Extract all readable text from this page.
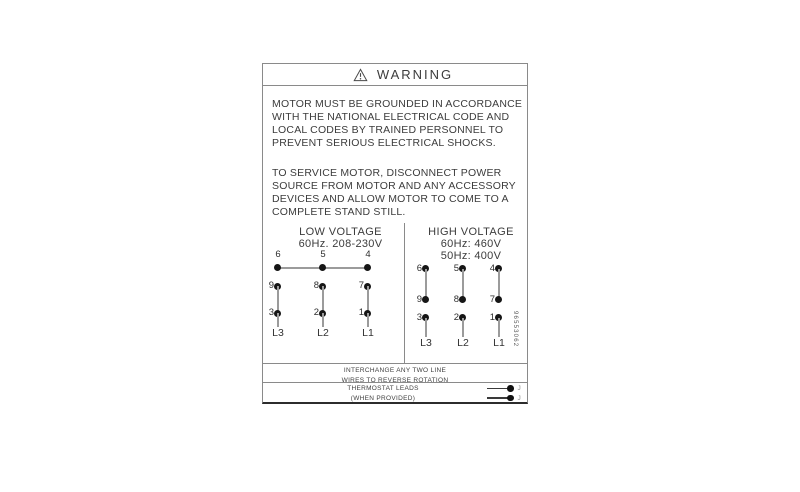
WARNING
MOTOR MUST BE GROUNDED IN ACCORDANCE
WITH THE NATIONAL ELECTRICAL CODE AND
LOCAL CODES BY TRAINED PERSONNEL TO
PREVENT SERIOUS ELECTRICAL SHOCKS.
TO SERVICE MOTOR, DISCONNECT POWER
SOURCE FROM MOTOR AND ANY ACCESSORY
DEVICES AND ALLOW MOTOR TO COME TO A
COMPLETE STAND STILL.
LOW VOLTAGE
60Hz. 208-230V
6	5	4
9	8	7
3	2	1
L3	L2	L1
HIGH VOLTAGE
60Hz: 460V
50Hz: 400V
6	5	4
9	8	7
3	2	1
L3	L2	L1	96553062
INTERCHANGE ANY TWO LINE
WIRES TO REVERSE ROTATION
THERMOSTAT LEADS
(WHEN PROVIDED)
J
J
